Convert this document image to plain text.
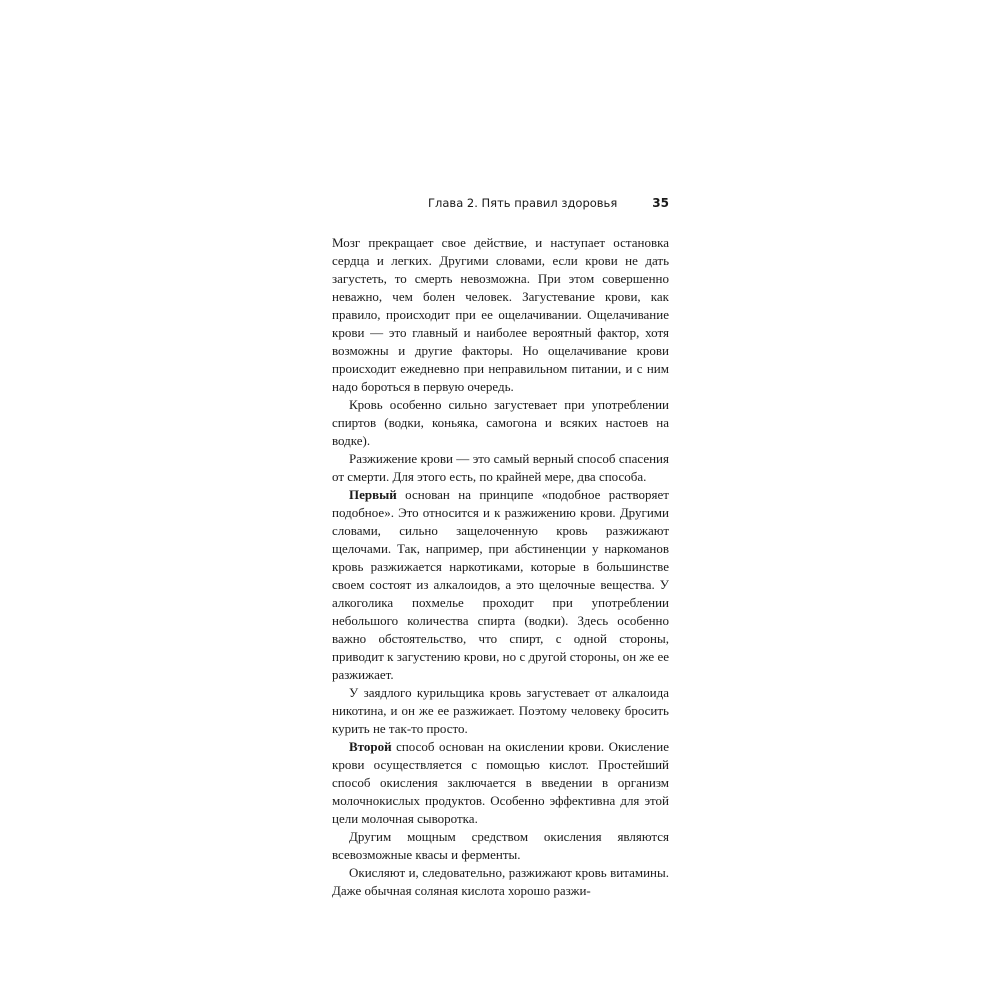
Глава 2. Пять правил здоровья	35

Мозг прекращает свое действие, и наступает остановка сердца и легких. Другими словами, если крови не дать загустеть, то смерть невозможна. При этом совершенно неважно, чем болен человек. Загустевание крови, как правило, происходит при ее ощелачивании. Ощелачивание крови — это главный и наиболее вероятный фактор, хотя возможны и другие факторы. Но ощелачивание крови происходит ежедневно при неправильном питании, и с ним надо бороться в первую очередь.

Кровь особенно сильно загустевает при употреблении спиртов (водки, коньяка, самогона и всяких настоев на водке).

Разжижение крови — это самый верный способ спасения от смерти. Для этого есть, по крайней мере, два способа.

Первый основан на принципе «подобное растворяет подобное». Это относится и к разжижению крови. Другими словами, сильно защелоченную кровь разжижают щелочами. Так, например, при абстиненции у наркоманов кровь разжижается наркотиками, которые в большинстве своем состоят из алкалоидов, а это щелочные вещества. У алкоголика похмелье проходит при употреблении небольшого количества спирта (водки). Здесь особенно важно обстоятельство, что спирт, с одной стороны, приводит к загустению крови, но с другой стороны, он же ее разжижает.

У заядлого курильщика кровь загустевает от алкалоида никотина, и он же ее разжижает. Поэтому человеку бросить курить не так-то просто.

Второй способ основан на окислении крови. Окисление крови осуществляется с помощью кислот. Простейший способ окисления заключается в введении в организм молочнокислых продуктов. Особенно эффективна для этой цели молочная сыворотка.

Другим мощным средством окисления являются всевозможные квасы и ферменты.

Окисляют и, следовательно, разжижают кровь витамины. Даже обычная соляная кислота хорошо разжи-
